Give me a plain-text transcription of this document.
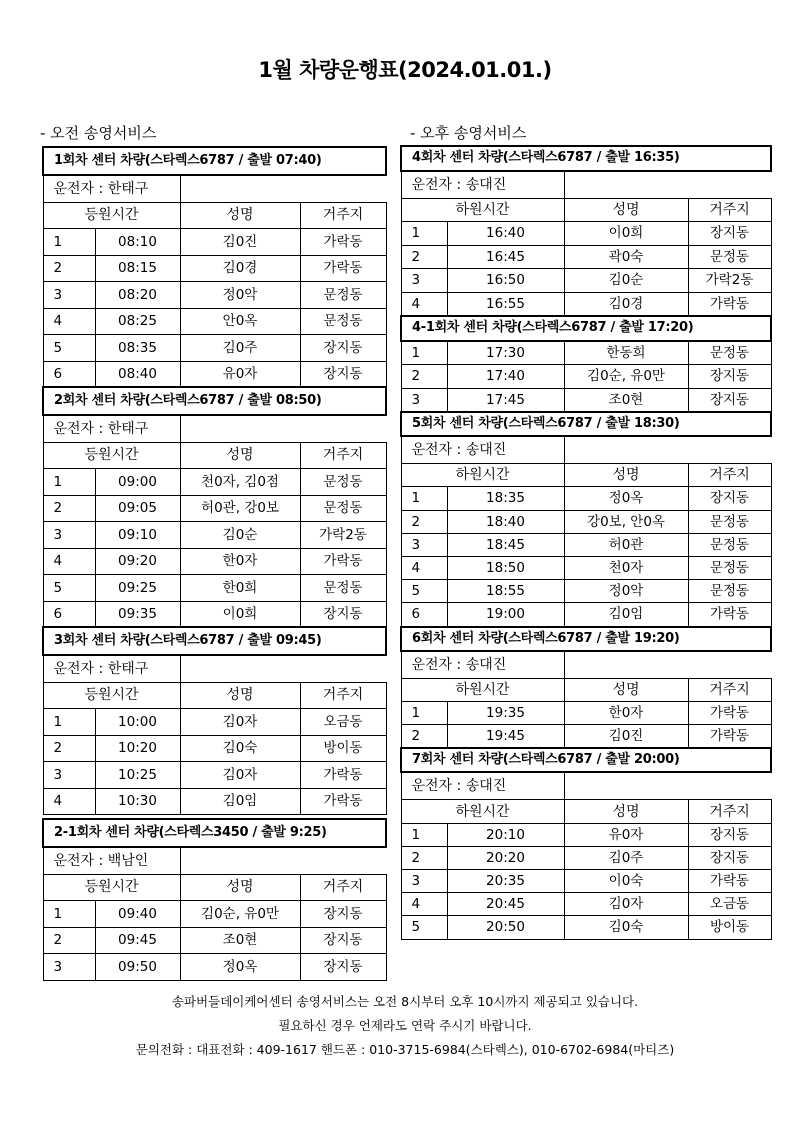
1월 차량운행표(2024.01.01.)
- 오전 송영서비스	- 오후 송영서비스
1회차 센터 차량(스타렉스6787 / 출발 07:40)			
운전자 : 한태구			
등원시간		성명	거주지
1	08:10	김0진	가락동
2	08:15	김0경	가락동
3	08:20	정0악	문정동
4	08:25	안0옥	문정동
5	08:35	김0주	장지동
6	08:40	유0자	장지동
2회차 센터 차량(스타렉스6787 / 출발 08:50)			
운전자 : 한태구			
등원시간		성명	거주지
1	09:00	천0자, 김0점	문정동
2	09:05	허0관, 강0보	문정동
3	09:10	김0순	가락2동
4	09:20	한0자	가락동
5	09:25	한0희	문정동
6	09:35	이0희	장지동
3회차 센터 차량(스타렉스6787 / 출발 09:45)			
운전자 : 한태구			
등원시간		성명	거주지
1	10:00	김0자	오금동
2	10:20	김0숙	방이동
3	10:25	김0자	가락동
4	10:30	김0임	가락동
2-1회차 센터 차량(스타렉스3450 / 출발 9:25)			
운전자 : 백남인			
등원시간		성명	거주지
1	09:40	김0순, 유0만	장지동
2	09:45	조0현	장지동
3	09:50	정0옥	장지동
4회차 센터 차량(스타렉스6787 / 출발 16:35)			
운전자 : 송대진			
하원시간		성명	거주지
1	16:40	이0희	장지동
2	16:45	곽0숙	문정동
3	16:50	김0순	가락2동
4	16:55	김0경	가락동
4-1회차 센터 차량(스타렉스6787 / 출발 17:20)			
1	17:30	한동희	문정동
2	17:40	김0순, 유0만	장지동
3	17:45	조0현	장지동
5회차 센터 차량(스타렉스6787 / 출발 18:30)			
운전자 : 송대진			
하원시간		성명	거주지
1	18:35	정0옥	장지동
2	18:40	강0보, 안0옥	문정동
3	18:45	허0관	문정동
4	18:50	천0자	문정동
5	18:55	정0악	문정동
6	19:00	김0임	가락동
6회차 센터 차량(스타렉스6787 / 출발 19:20)			
운전자 : 송대진			
하원시간		성명	거주지
1	19:35	한0자	가락동
2	19:45	김0진	가락동
7회차 센터 차량(스타렉스6787 / 출발 20:00)			
운전자 : 송대진			
하원시간		성명	거주지
1	20:10	유0자	장지동
2	20:20	김0주	장지동
3	20:35	이0숙	가락동
4	20:45	김0자	오금동
5	20:50	김0숙	방이동
송파버들데이케어센터 송영서비스는 오전 8시부터 오후 10시까지 제공되고 있습니다.
필요하신 경우 언제라도 연락 주시기 바랍니다.
문의전화 : 대표전화 : 409-1617 핸드폰 : 010-3715-6984(스타렉스), 010-6702-6984(마티즈)
